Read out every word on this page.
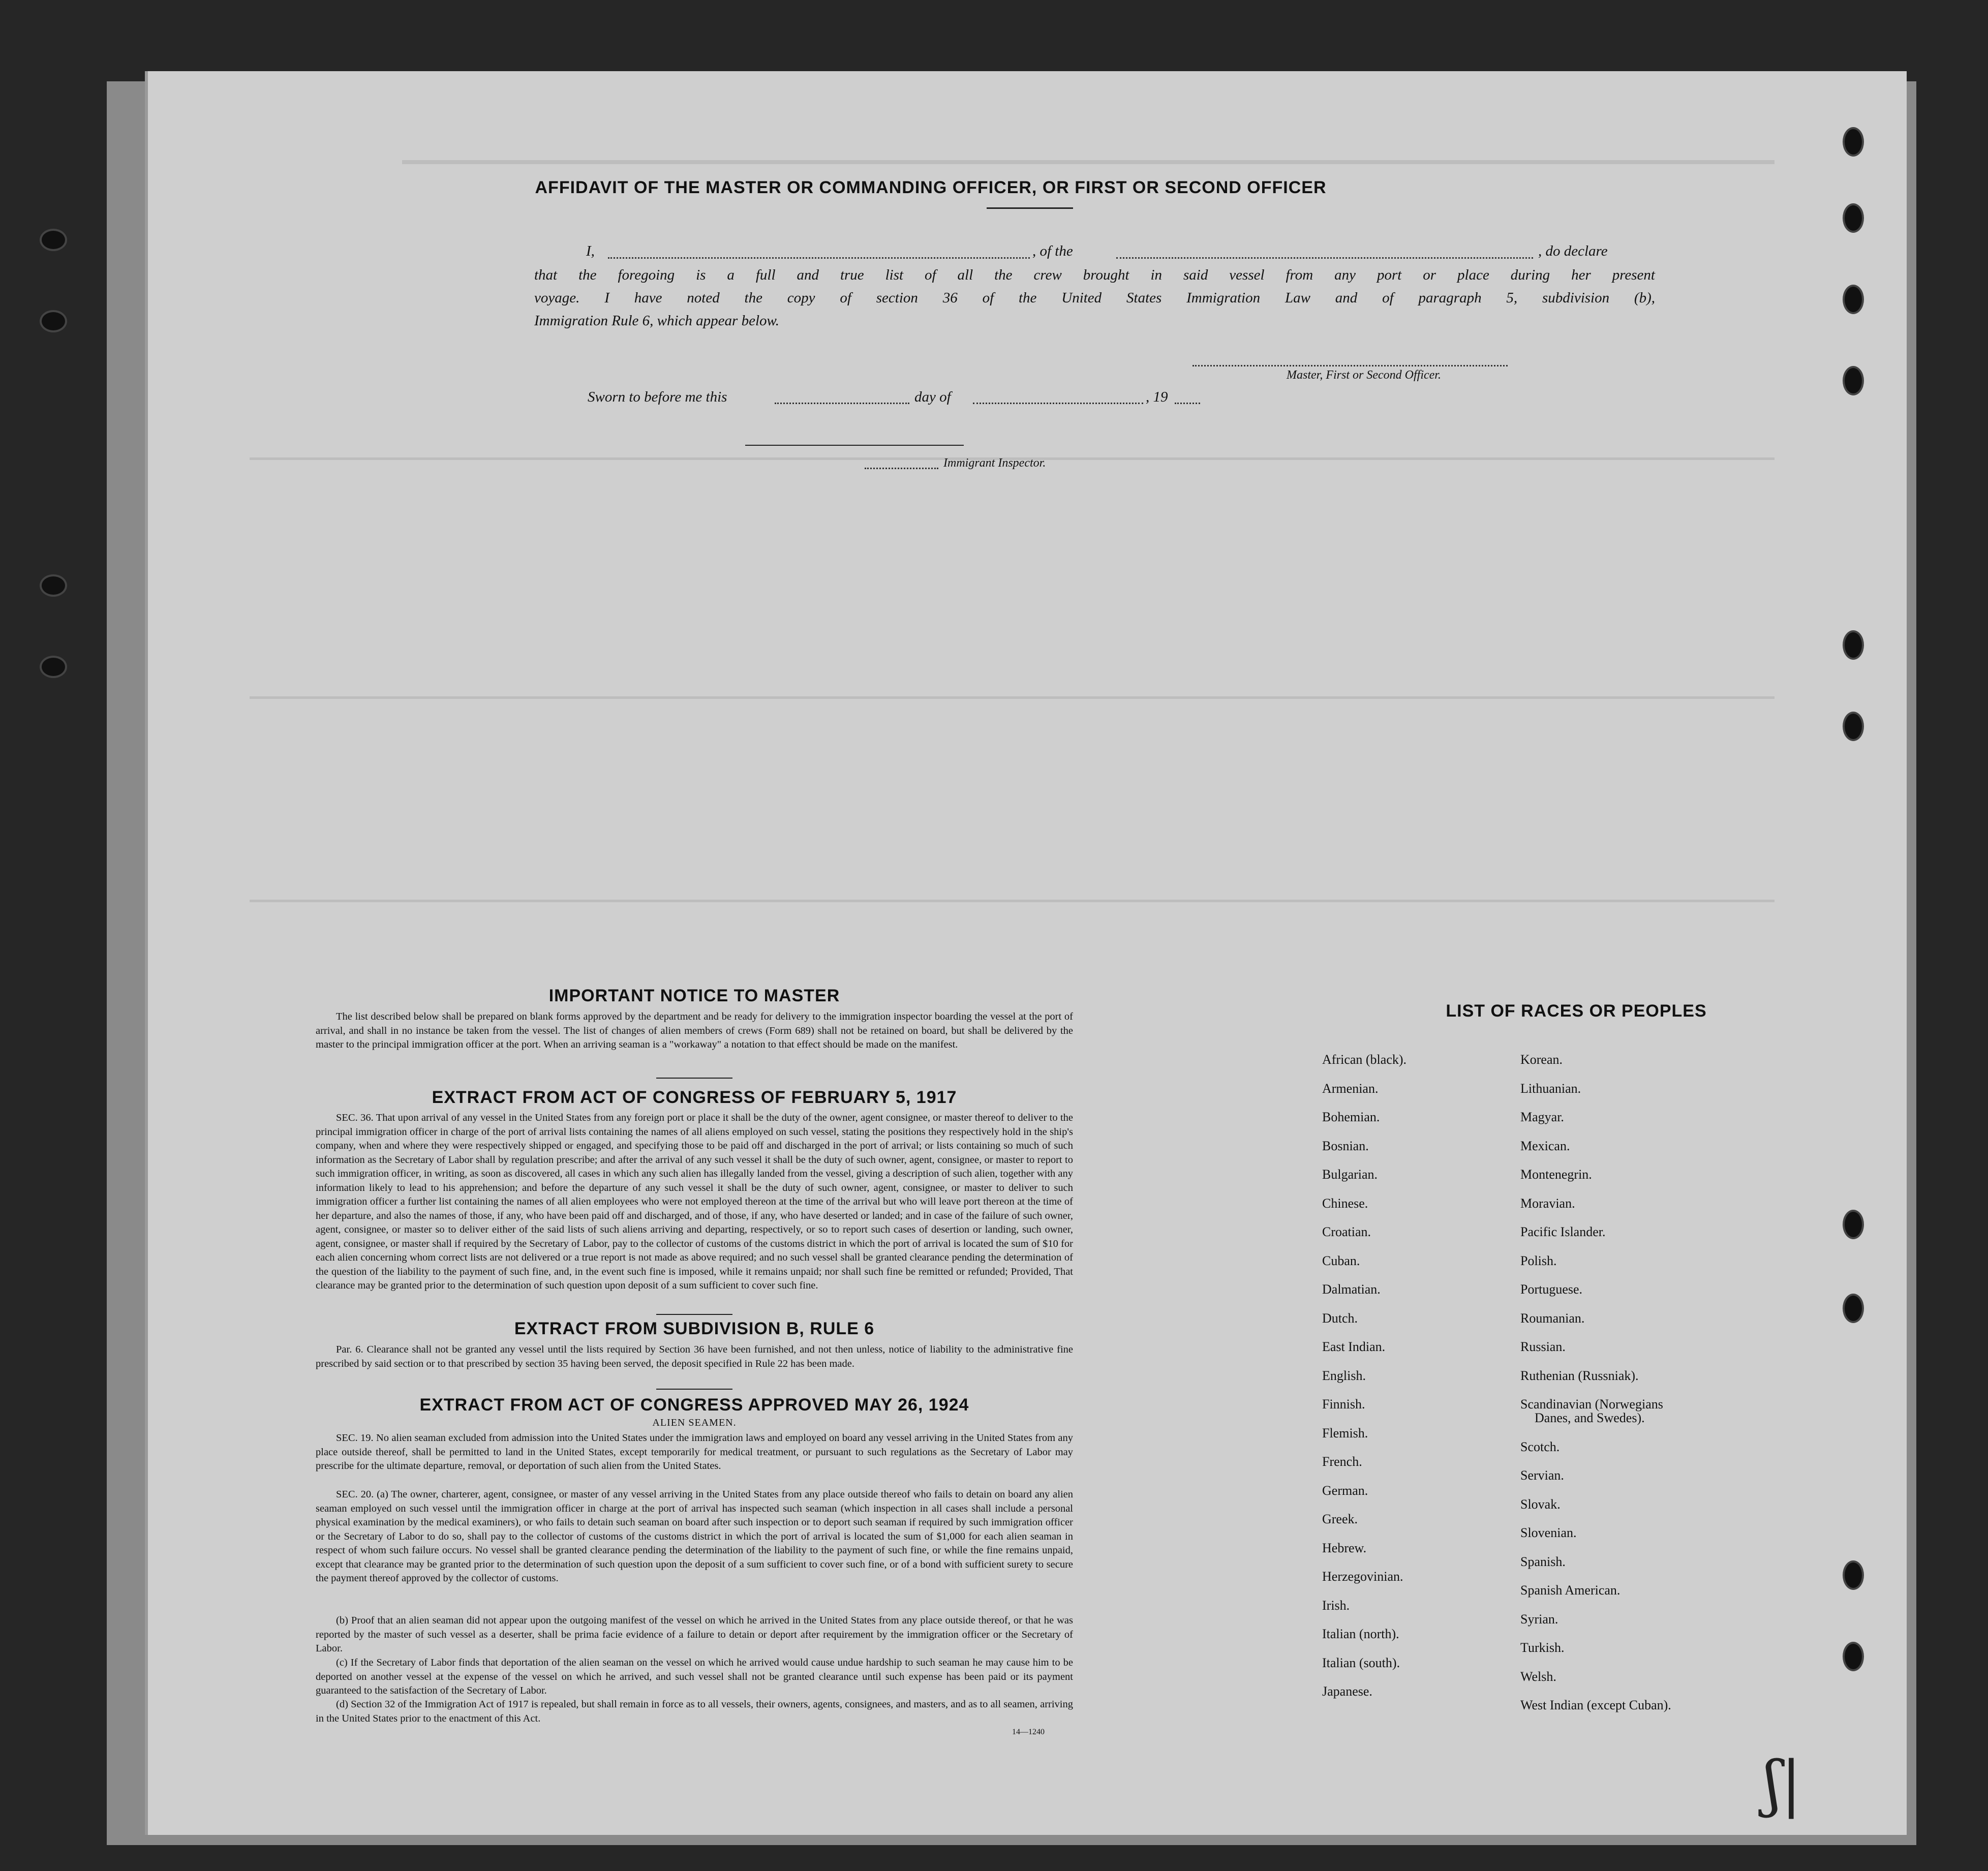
AFFIDAVIT OF THE MASTER OR COMMANDING OFFICER, OR FIRST OR SECOND OFFICER
I,	, of the	, do declare
that the foregoing is a full and true list of all the crew brought in said vessel from any port or place during her present
voyage. I have noted the copy of section 36 of the United States Immigration Law and of paragraph 5, subdivision (b),
Immigration Rule 6, which appear below.
Master, First or Second Officer.
Sworn to before me this	day of	, 19
Immigrant Inspector.
IMPORTANT NOTICE TO MASTER
The list described below shall be prepared on blank forms approved by the department and be ready for delivery to the immigration inspector boarding the vessel at the port of arrival, and shall in no instance be taken from the vessel. The list of changes of alien members of crews (Form 689) shall not be retained on board, but shall be delivered by the master to the principal immigration officer at the port. When an arriving seaman is a "workaway" a notation to that effect should be made on the manifest.
EXTRACT FROM ACT OF CONGRESS OF FEBRUARY 5, 1917
SEC. 36. That upon arrival of any vessel in the United States from any foreign port or place it shall be the duty of the owner, agent consignee, or master thereof to deliver to the principal immigration officer in charge of the port of arrival lists containing the names of all aliens employed on such vessel, stating the positions they respectively hold in the ship's company, when and where they were respectively shipped or engaged, and specifying those to be paid off and discharged in the port of arrival; or lists containing so much of such information as the Secretary of Labor shall by regulation prescribe; and after the arrival of any such vessel it shall be the duty of such owner, agent, consignee, or master to report to such immigration officer, in writing, as soon as discovered, all cases in which any such alien has illegally landed from the vessel, giving a description of such alien, together with any information likely to lead to his apprehension; and before the departure of any such vessel it shall be the duty of such owner, agent, consignee, or master to deliver to such immigration officer a further list containing the names of all alien employees who were not employed thereon at the time of the arrival but who will leave port thereon at the time of her departure, and also the names of those, if any, who have been paid off and discharged, and of those, if any, who have deserted or landed; and in case of the failure of such owner, agent, consignee, or master so to deliver either of the said lists of such aliens arriving and departing, respectively, or so to report such cases of desertion or landing, such owner, agent, consignee, or master shall if required by the Secretary of Labor, pay to the collector of customs of the customs district in which the port of arrival is located the sum of $10 for each alien concerning whom correct lists are not delivered or a true report is not made as above required; and no such vessel shall be granted clearance pending the determination of the question of the liability to the payment of such fine, and, in the event such fine is imposed, while it remains unpaid; nor shall such fine be remitted or refunded; Provided, That clearance may be granted prior to the determination of such question upon deposit of a sum sufficient to cover such fine.
EXTRACT FROM SUBDIVISION B, RULE 6
Par. 6. Clearance shall not be granted any vessel until the lists required by Section 36 have been furnished, and not then unless, notice of liability to the administrative fine prescribed by said section or to that prescribed by section 35 having been served, the deposit specified in Rule 22 has been made.
EXTRACT FROM ACT OF CONGRESS APPROVED MAY 26, 1924
ALIEN SEAMEN.
SEC. 19. No alien seaman excluded from admission into the United States under the immigration laws and employed on board any vessel arriving in the United States from any place outside thereof, shall be permitted to land in the United States, except temporarily for medical treatment, or pursuant to such regulations as the Secretary of Labor may prescribe for the ultimate departure, removal, or deportation of such alien from the United States.
SEC. 20. (a) The owner, charterer, agent, consignee, or master of any vessel arriving in the United States from any place outside thereof who fails to detain on board any alien seaman employed on such vessel until the immigration officer in charge at the port of arrival has inspected such seaman (which inspection in all cases shall include a personal physical examination by the medical examiners), or who fails to detain such seaman on board after such inspection or to deport such seaman if required by such immigration officer or the Secretary of Labor to do so, shall pay to the collector of customs of the customs district in which the port of arrival is located the sum of $1,000 for each alien seaman in respect of whom such failure occurs. No vessel shall be granted clearance pending the determination of the liability to the payment of such fine, or while the fine remains unpaid, except that clearance may be granted prior to the determination of such question upon the deposit of a sum sufficient to cover such fine, or of a bond with sufficient surety to secure the payment thereof approved by the collector of customs.
(b) Proof that an alien seaman did not appear upon the outgoing manifest of the vessel on which he arrived in the United States from any place outside thereof, or that he was reported by the master of such vessel as a deserter, shall be prima facie evidence of a failure to detain or deport after requirement by the immigration officer or the Secretary of Labor.
(c) If the Secretary of Labor finds that deportation of the alien seaman on the vessel on which he arrived would cause undue hardship to such seaman he may cause him to be deported on another vessel at the expense of the vessel on which he arrived, and such vessel shall not be granted clearance until such expense has been paid or its payment guaranteed to the satisfaction of the Secretary of Labor.
(d) Section 32 of the Immigration Act of 1917 is repealed, but shall remain in force as to all vessels, their owners, agents, consignees, and masters, and as to all seamen, arriving in the United States prior to the enactment of this Act.
14—1240
LIST OF RACES OR PEOPLES
African (black).
Armenian.
Bohemian.
Bosnian.
Bulgarian.
Chinese.
Croatian.
Cuban.
Dalmatian.
Dutch.
East Indian.
English.
Finnish.
Flemish.
French.
German.
Greek.
Hebrew.
Herzegovinian.
Irish.
Italian (north).
Italian (south).
Japanese.
Korean.
Lithuanian.
Magyar.
Mexican.
Montenegrin.
Moravian.
Pacific Islander.
Polish.
Portuguese.
Roumanian.
Russian.
Ruthenian (Russniak).
Scandinavian (Norwegians
Danes, and Swedes).
Scotch.
Servian.
Slovak.
Slovenian.
Spanish.
Spanish American.
Syrian.
Turkish.
Welsh.
West Indian (except Cuban).
ʃ|
